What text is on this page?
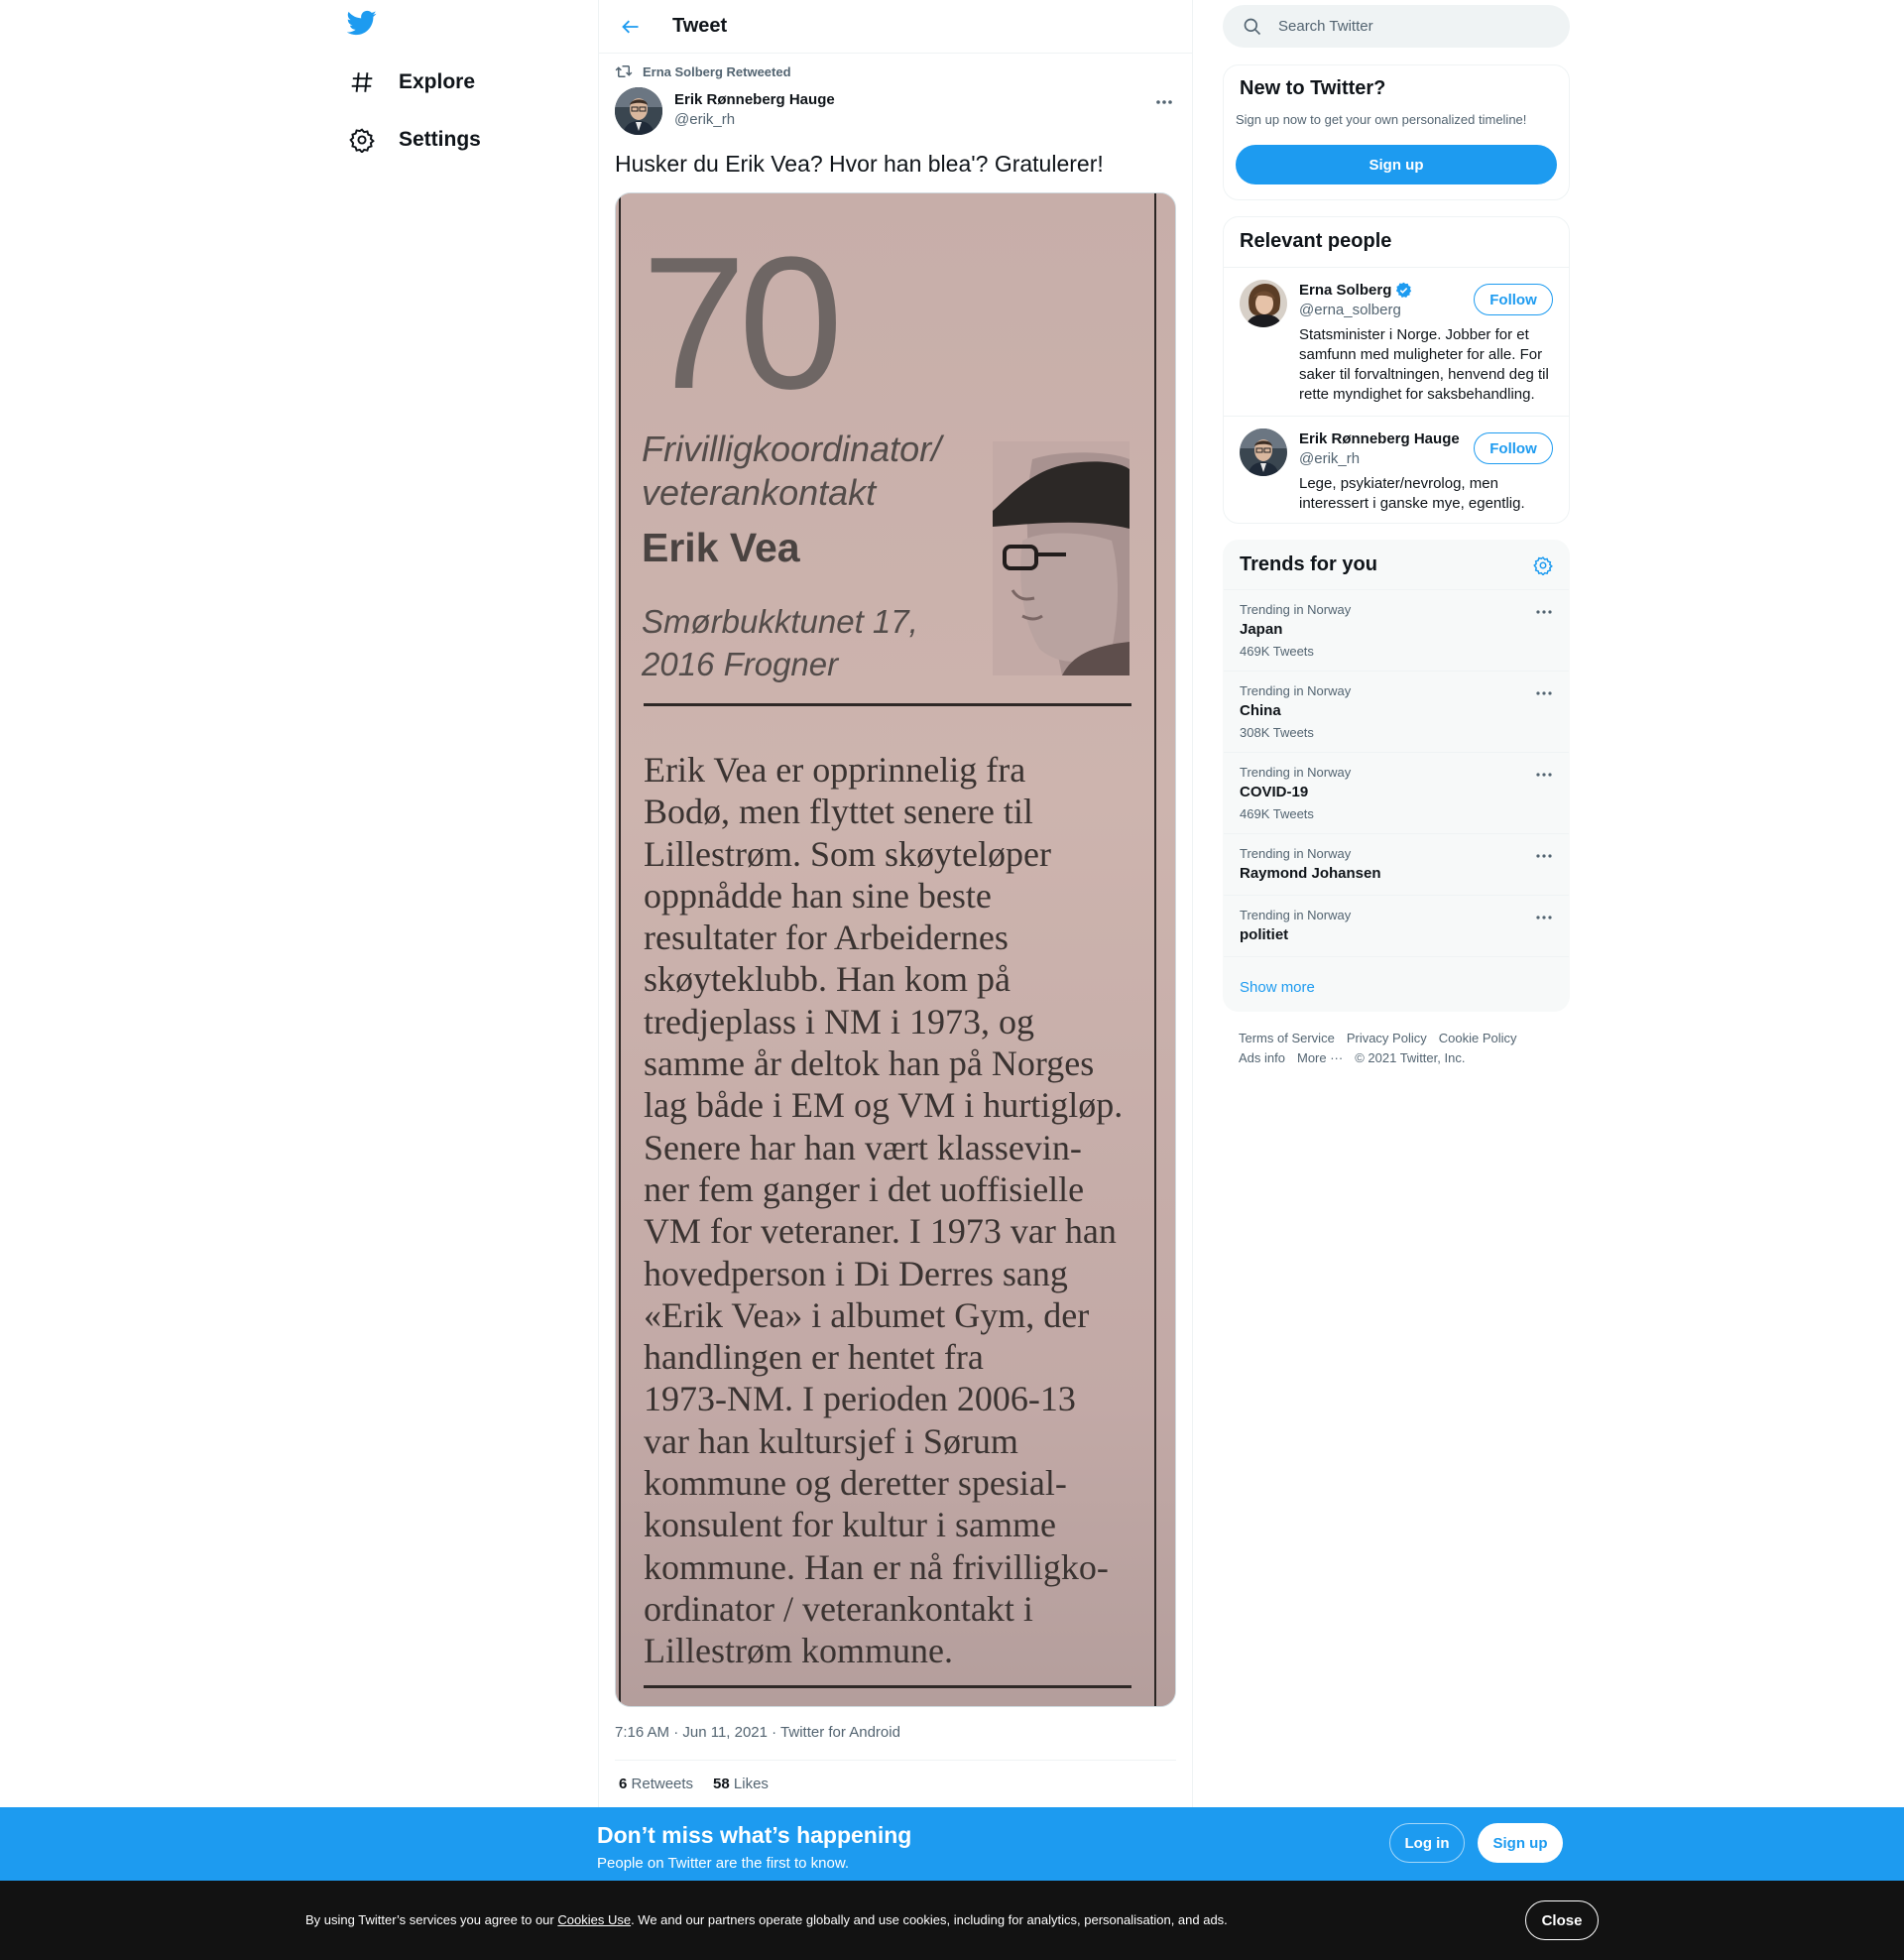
Explore
Settings
Tweet
Erna Solberg Retweeted
Erik Rønneberg Hauge
@erik_rh
Husker du Erik Vea? Hvor han blea'? Gratulerer!
70
Frivilligkoordinator/
veterankontakt
Erik Vea
Smørbukktunet 17,
2016 Frogner
Erik Vea er opprinnelig fra
Bodø, men flyttet senere til
Lillestrøm. Som skøyteløper
oppnådde han sine beste
resultater for Arbeidernes
skøyteklubb. Han kom på
tredjeplass i NM i 1973, og
samme år deltok han på Norges
lag både i EM og VM i hurtigløp.
Senere har han vært klassevin-
ner fem ganger i det uoffisielle
VM for veteraner. I 1973 var han
hovedperson i Di Derres sang
«Erik Vea» i albumet Gym, der
handlingen er hentet fra
1973-NM. I perioden 2006-13
var han kultursjef i Sørum
kommune og deretter spesial-
konsulent for kultur i samme
kommune. Han er nå frivilligko-
ordinator / veterankontakt i
Lillestrøm kommune.
7:16 AM · Jun 11, 2021 · Twitter for Android
6 Retweets 58 Likes
Search Twitter
New to Twitter?
Sign up now to get your own personalized timeline!
Sign up
Relevant people
Erna Solberg
@erna_solberg
Statsminister i Norge. Jobber for et samfunn med muligheter for alle. For saker til forvaltningen, henvend deg til rette myndighet for saksbehandling.
Follow
Erik Rønneberg Hauge
@erik_rh
Lege, psykiater/nevrolog, men interessert i ganske mye, egentlig.
Follow
Trends for you
Trending in Norway
Japan
469K Tweets
Trending in Norway
China
308K Tweets
Trending in Norway
COVID-19
469K Tweets
Trending in Norway
Raymond Johansen
Trending in Norway
politiet
Show more
Terms of Service Privacy Policy Cookie Policy
Ads info More ··· © 2021 Twitter, Inc.
Don’t miss what’s happening
People on Twitter are the first to know.
Log in	Sign up
By using Twitter’s services you agree to our Cookies Use. We and our partners operate globally and use cookies, including for analytics, personalisation, and ads.	Close
